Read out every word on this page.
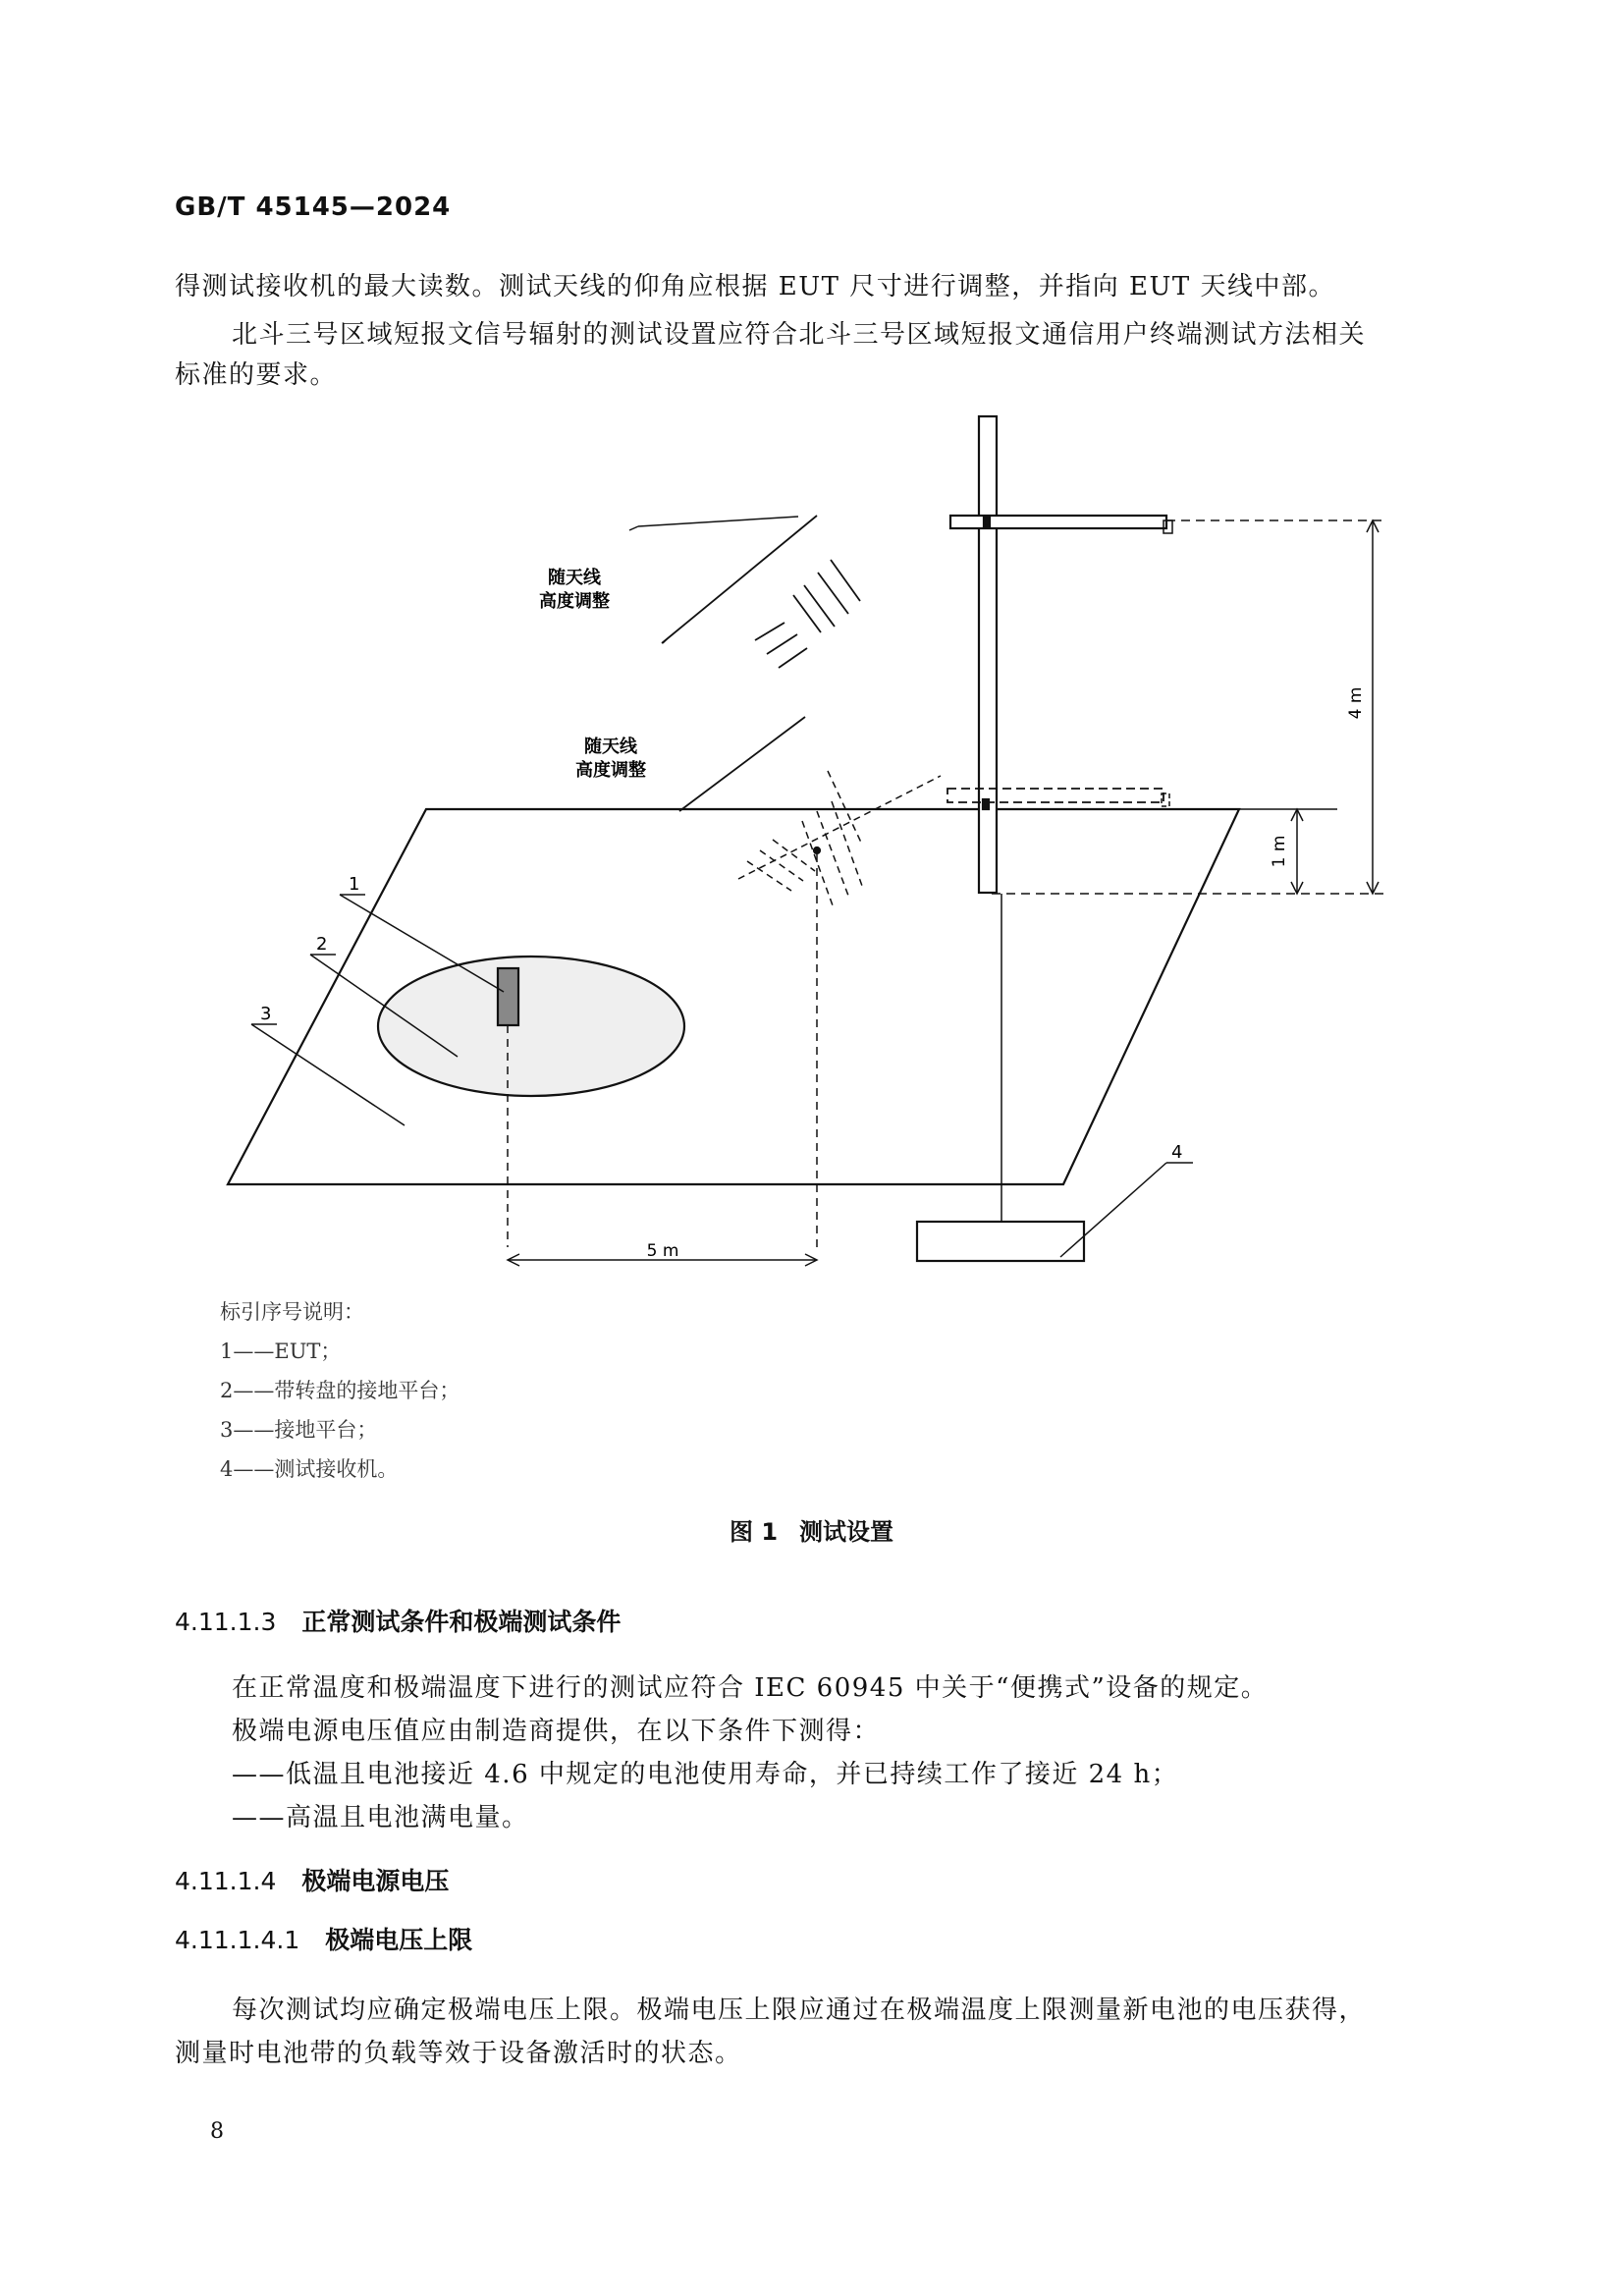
GB/T 45145—2024
得测试接收机的最大读数。测试天线的仰角应根据 EUT 尺寸进行调整，并指向 EUT 天线中部。
北斗三号区域短报文信号辐射的测试设置应符合北斗三号区域短报文通信用户终端测试方法相关
标准的要求。
随天线
高度调整
随天线
高度调整
4 m
1 m
5 m
1
2
3
4
标引序号说明：
1——EUT；
2——带转盘的接地平台；
3——接地平台；
4——测试接收机。
图 1 测试设置
4.11.1.3 正常测试条件和极端测试条件
在正常温度和极端温度下进行的测试应符合 IEC 60945 中关于“便携式”设备的规定。
极端电源电压值应由制造商提供，在以下条件下测得：
——低温且电池接近 4.6 中规定的电池使用寿命，并已持续工作了接近 24 h；
——高温且电池满电量。
4.11.1.4 极端电源电压
4.11.1.4.1 极端电压上限
每次测试均应确定极端电压上限。极端电压上限应通过在极端温度上限测量新电池的电压获得，
测量时电池带的负载等效于设备激活时的状态。
8
